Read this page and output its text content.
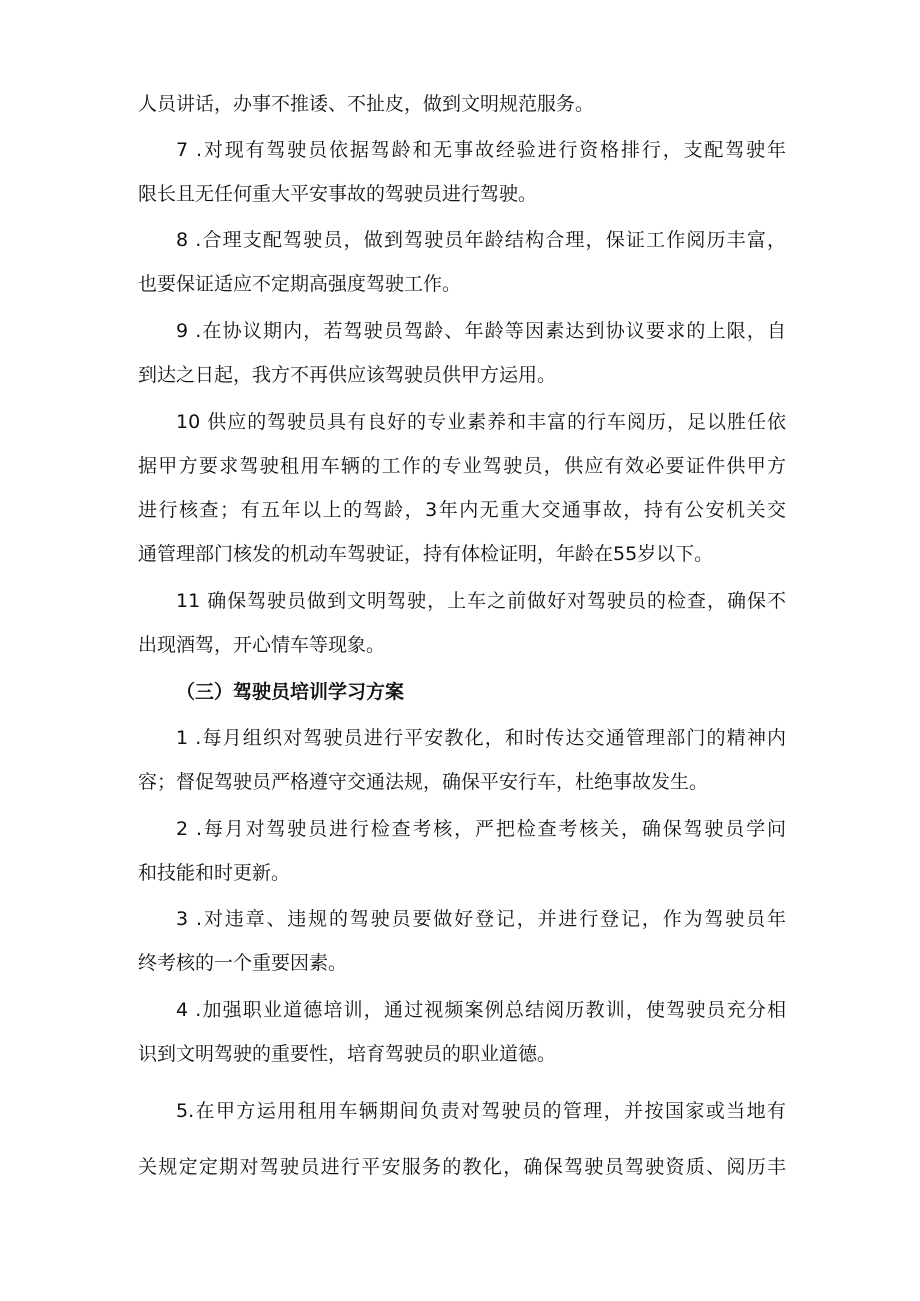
人员讲话，办事不推诿、不扯皮，做到文明规范服务。
7 .对现有驾驶员依据驾龄和无事故经验进行资格排行，支配驾驶年
限长且无任何重大平安事故的驾驶员进行驾驶。
8 .合理支配驾驶员，做到驾驶员年龄结构合理，保证工作阅历丰富，
也要保证适应不定期高强度驾驶工作。
9 .在协议期内，若驾驶员驾龄、年龄等因素达到协议要求的上限，自
到达之日起，我方不再供应该驾驶员供甲方运用。
10 供应的驾驶员具有良好的专业素养和丰富的行车阅历，足以胜任依
据甲方要求驾驶租用车辆的工作的专业驾驶员，供应有效必要证件供甲方
进行核查；有五年以上的驾龄，3年内无重大交通事故，持有公安机关交
通管理部门核发的机动车驾驶证，持有体检证明，年龄在55岁以下。
11 确保驾驶员做到文明驾驶，上车之前做好对驾驶员的检查，确保不
出现酒驾，开心情车等现象。
（三）驾驶员培训学习方案
1 .每月组织对驾驶员进行平安教化，和时传达交通管理部门的精神内
容；督促驾驶员严格遵守交通法规，确保平安行车，杜绝事故发生。
2 .每月对驾驶员进行检查考核，严把检查考核关，确保驾驶员学问
和技能和时更新。
3 .对违章、违规的驾驶员要做好登记，并进行登记，作为驾驶员年
终考核的一个重要因素。
4 .加强职业道德培训，通过视频案例总结阅历教训，使驾驶员充分相
识到文明驾驶的重要性，培育驾驶员的职业道德。
5.在甲方运用租用车辆期间负责对驾驶员的管理，并按国家或当地有
关规定定期对驾驶员进行平安服务的教化，确保驾驶员驾驶资质、阅历丰
